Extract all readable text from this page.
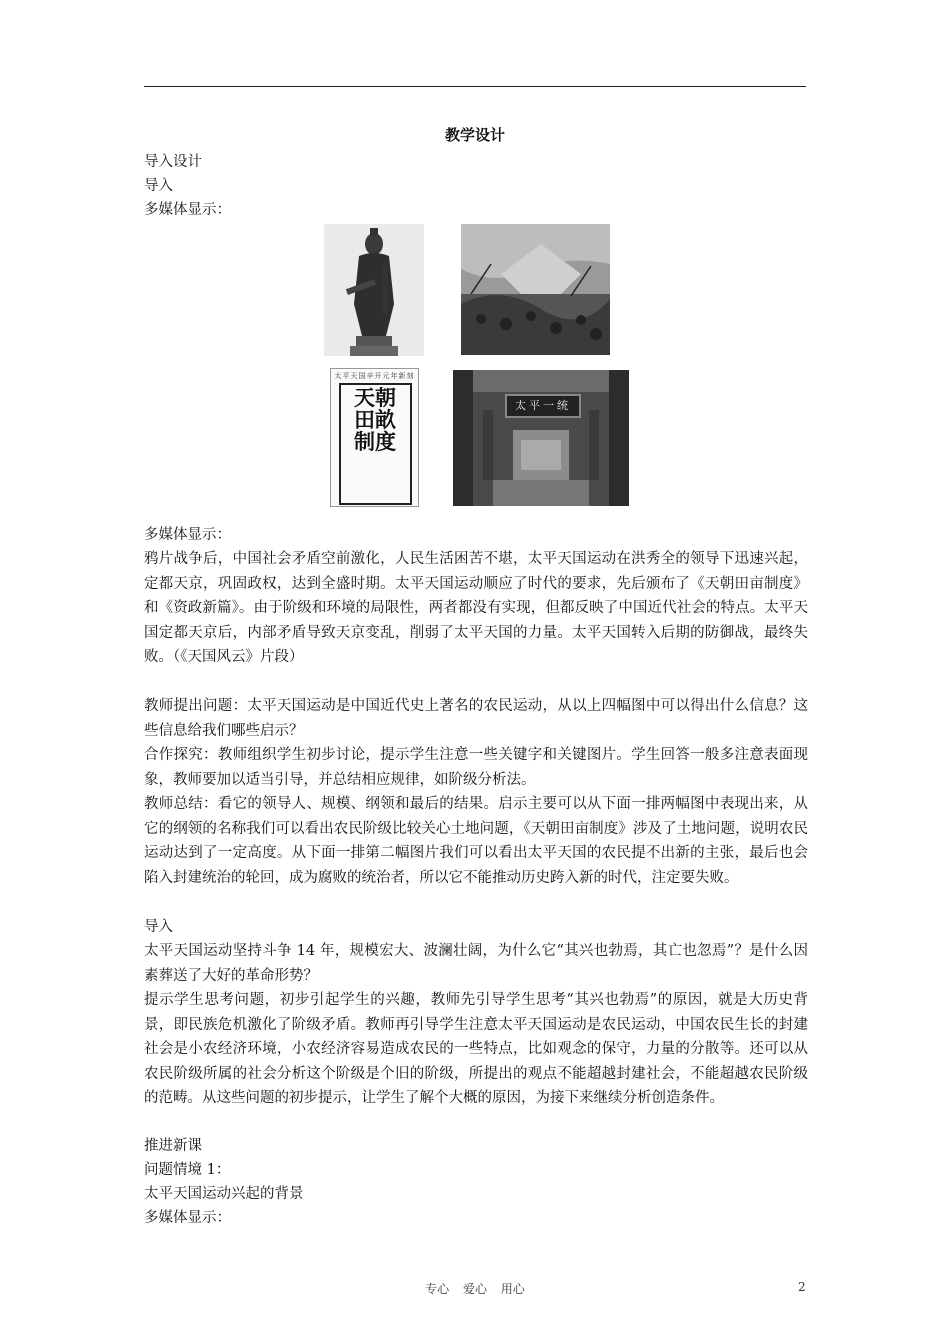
教学设计
导入设计
导入
多媒体显示：
太平天国辛开元年新刻
天朝田畝制度
太平一统
多媒体显示：
鸦片战争后，中国社会矛盾空前激化，人民生活困苦不堪，太平天国运动在洪秀全的领导下迅速兴起，定都天京，巩固政权，达到全盛时期。太平天国运动顺应了时代的要求，先后颁布了《天朝田亩制度》和《资政新篇》。由于阶级和环境的局限性，两者都没有实现，但都反映了中国近代社会的特点。太平天国定都天京后，内部矛盾导致天京变乱，削弱了太平天国的力量。太平天国转入后期的防御战，最终失败。（《天国风云》片段）
教师提出问题：太平天国运动是中国近代史上著名的农民运动，从以上四幅图中可以得出什么信息？这些信息给我们哪些启示？
合作探究：教师组织学生初步讨论，提示学生注意一些关键字和关键图片。学生回答一般多注意表面现象，教师要加以适当引导，并总结相应规律，如阶级分析法。
教师总结：看它的领导人、规模、纲领和最后的结果。启示主要可以从下面一排两幅图中表现出来，从它的纲领的名称我们可以看出农民阶级比较关心土地问题，《天朝田亩制度》涉及了土地问题，说明农民运动达到了一定高度。从下面一排第二幅图片我们可以看出太平天国的农民提不出新的主张，最后也会陷入封建统治的轮回，成为腐败的统治者，所以它不能推动历史跨入新的时代，注定要失败。
导入
太平天国运动坚持斗争 14 年，规模宏大、波澜壮阔，为什么它“其兴也勃焉，其亡也忽焉”？是什么因素葬送了大好的革命形势？
提示学生思考问题，初步引起学生的兴趣，教师先引导学生思考“其兴也勃焉”的原因，就是大历史背景，即民族危机激化了阶级矛盾。教师再引导学生注意太平天国运动是农民运动，中国农民生长的封建社会是小农经济环境，小农经济容易造成农民的一些特点，比如观念的保守，力量的分散等。还可以从农民阶级所属的社会分析这个阶级是个旧的阶级，所提出的观点不能超越封建社会，不能超越农民阶级的范畴。从这些问题的初步提示，让学生了解个大概的原因，为接下来继续分析创造条件。
推进新课
问题情境 1：
太平天国运动兴起的背景
多媒体显示：
专心 爱心 用心	2
